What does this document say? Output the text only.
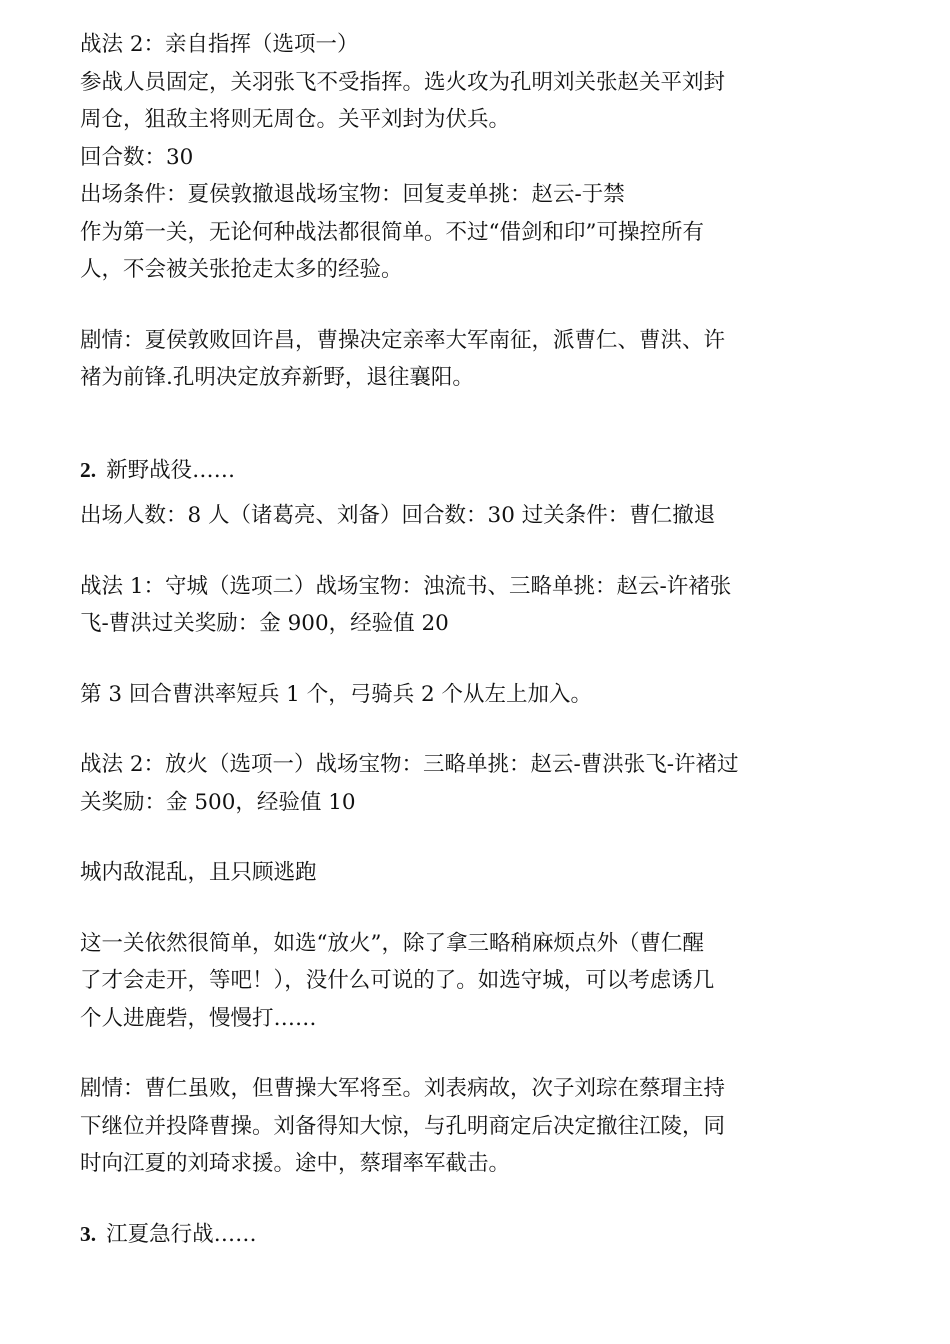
战法 2：亲自指挥（选项一）
参战人员固定，关羽张飞不受指挥。选火攻为孔明刘关张赵关平刘封
周仓，狙敌主将则无周仓。关平刘封为伏兵。
回合数：30
出场条件：夏侯敦撤退战场宝物：回复麦单挑：赵云-于禁
作为第一关，无论何种战法都很简单。不过“借剑和印”可操控所有
人，不会被关张抢走太多的经验。
剧情：夏侯敦败回许昌，曹操决定亲率大军南征，派曹仁、曹洪、许
褚为前锋.孔明决定放弃新野，退往襄阳。
2. 新野战役……
出场人数：8 人（诸葛亮、刘备）回合数：30 过关条件：曹仁撤退
战法 1：守城（选项二）战场宝物：浊流书、三略单挑：赵云-许褚张
飞-曹洪过关奖励：金 900，经验值 20
第 3 回合曹洪率短兵 1 个，弓骑兵 2 个从左上加入。
战法 2：放火（选项一）战场宝物：三略单挑：赵云-曹洪张飞-许褚过
关奖励：金 500，经验值 10
城内敌混乱，且只顾逃跑
这一关依然很简单，如选“放火”，除了拿三略稍麻烦点外（曹仁醒
了才会走开，等吧！），没什么可说的了。如选守城，可以考虑诱几
个人进鹿砦，慢慢打……
剧情：曹仁虽败，但曹操大军将至。刘表病故，次子刘琮在蔡瑁主持
下继位并投降曹操。刘备得知大惊，与孔明商定后决定撤往江陵，同
时向江夏的刘琦求援。途中，蔡瑁率军截击。
3. 江夏急行战……
